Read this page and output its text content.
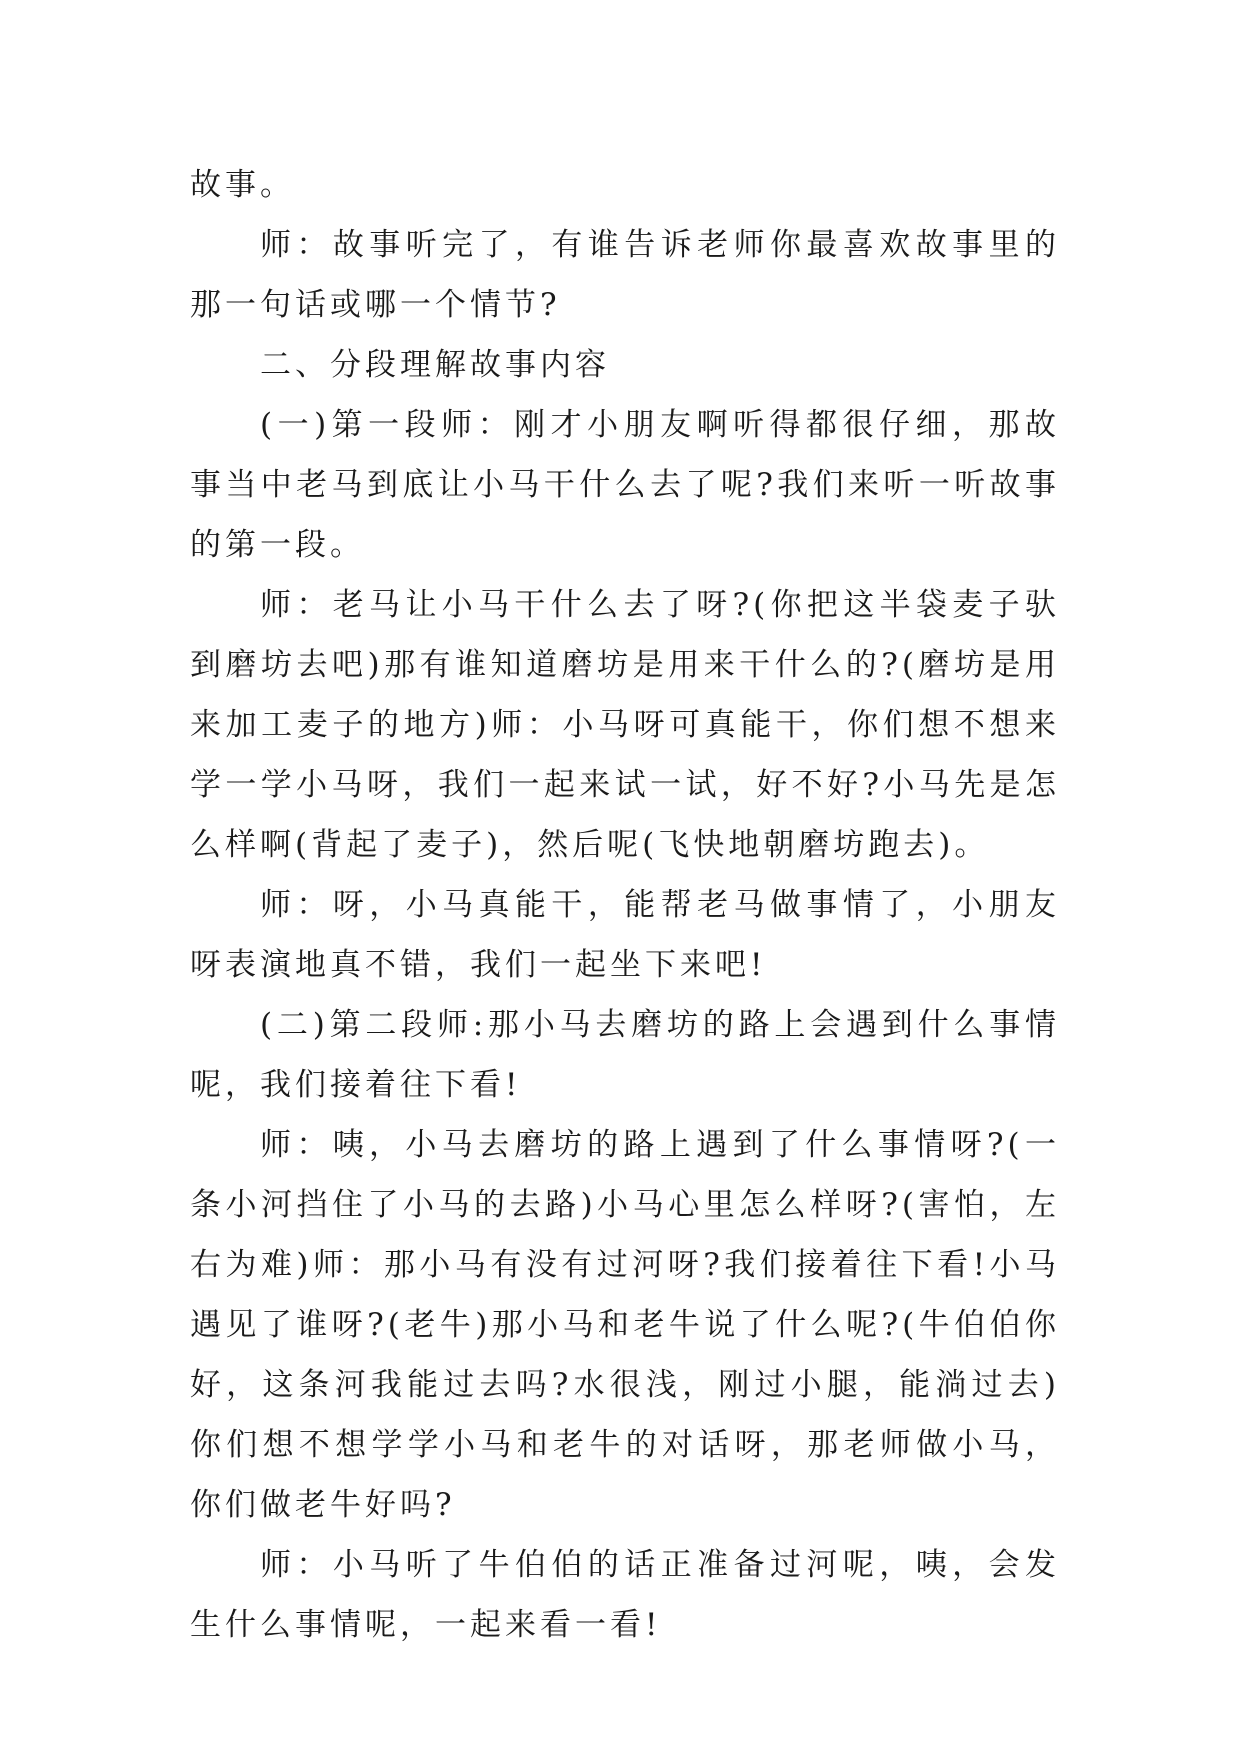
故事。

师：故事听完了，有谁告诉老师你最喜欢故事里的那一句话或哪一个情节?

二、分段理解故事内容

(一)第一段师：刚才小朋友啊听得都很仔细，那故事当中老马到底让小马干什么去了呢?我们来听一听故事的第一段。

师：老马让小马干什么去了呀?(你把这半袋麦子驮到磨坊去吧)那有谁知道磨坊是用来干什么的?(磨坊是用来加工麦子的地方)师：小马呀可真能干，你们想不想来学一学小马呀，我们一起来试一试，好不好?小马先是怎么样啊(背起了麦子)，然后呢(飞快地朝磨坊跑去)。

师：呀，小马真能干，能帮老马做事情了，小朋友呀表演地真不错，我们一起坐下来吧!

(二)第二段师:那小马去磨坊的路上会遇到什么事情呢，我们接着往下看!

师：咦，小马去磨坊的路上遇到了什么事情呀?(一条小河挡住了小马的去路)小马心里怎么样呀?(害怕，左右为难)师：那小马有没有过河呀?我们接着往下看!小马遇见了谁呀?(老牛)那小马和老牛说了什么呢?(牛伯伯你好，这条河我能过去吗?水很浅，刚过小腿，能淌过去)你们想不想学学小马和老牛的对话呀，那老师做小马，你们做老牛好吗?

师：小马听了牛伯伯的话正准备过河呢，咦，会发生什么事情呢，一起来看一看!
